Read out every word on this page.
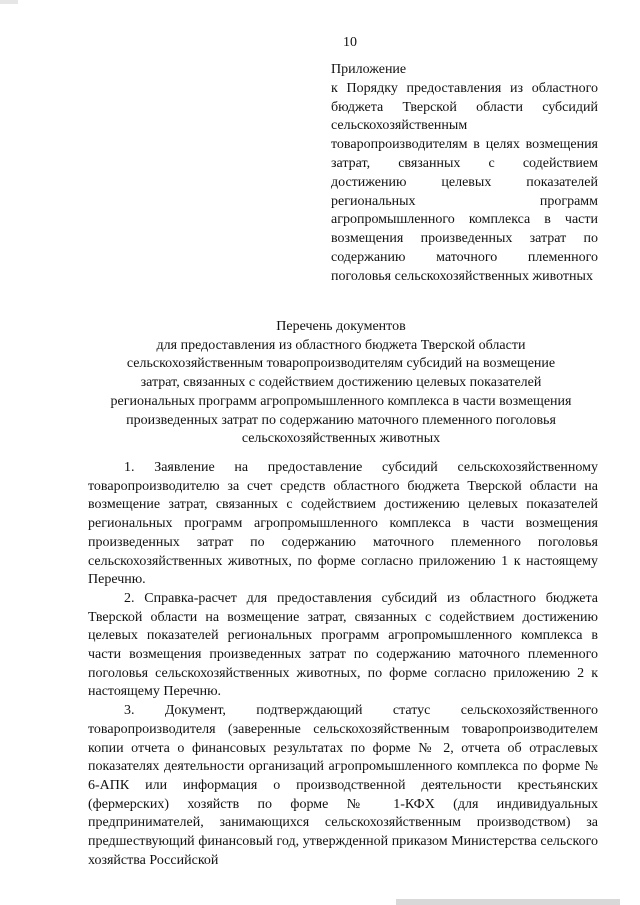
10
Приложение
к Порядку предоставления из областного бюджета Тверской области субсидий сельскохозяйственным товаропроизводителям в целях возмещения затрат, связанных с содействием достижению целевых показателей региональных программ агропромышленного комплекса в части возмещения произведенных затрат по содержанию маточного племенного поголовья сельскохозяйственных животных
Перечень документов
для предоставления из областного бюджета Тверской области
сельскохозяйственным товаропроизводителям субсидий на возмещение
затрат, связанных с содействием достижению целевых показателей
региональных программ агропромышленного комплекса в части возмещения
произведенных затрат по содержанию маточного племенного поголовья
сельскохозяйственных животных

1. Заявление на предоставление субсидий сельскохозяйственному товаропроизводителю за счет средств областного бюджета Тверской области на возмещение затрат, связанных с содействием достижению целевых показателей региональных программ агропромышленного комплекса в части возмещения произведенных затрат по содержанию маточного племенного поголовья сельскохозяйственных животных, по форме согласно приложению 1 к настоящему Перечню.

2. Справка-расчет для предоставления субсидий из областного бюджета Тверской области на возмещение затрат, связанных с содействием достижению целевых показателей региональных программ агропромышленного комплекса в части возмещения произведенных затрат по содержанию маточного племенного поголовья сельскохозяйственных животных, по форме согласно приложению 2 к настоящему Перечню.

3. Документ, подтверждающий статус сельскохозяйственного товаропроизводителя (заверенные сельскохозяйственным товаропроизводителем копии отчета о финансовых результатах по форме № 2, отчета об отраслевых показателях деятельности организаций агропромышленного комплекса по форме № 6-АПК или информация о производственной деятельности крестьянских (фермерских) хозяйств по форме № 1-КФХ (для индивидуальных предпринимателей, занимающихся сельскохозяйственным производством) за предшествующий финансовый год, утвержденной приказом Министерства сельского хозяйства Российской
